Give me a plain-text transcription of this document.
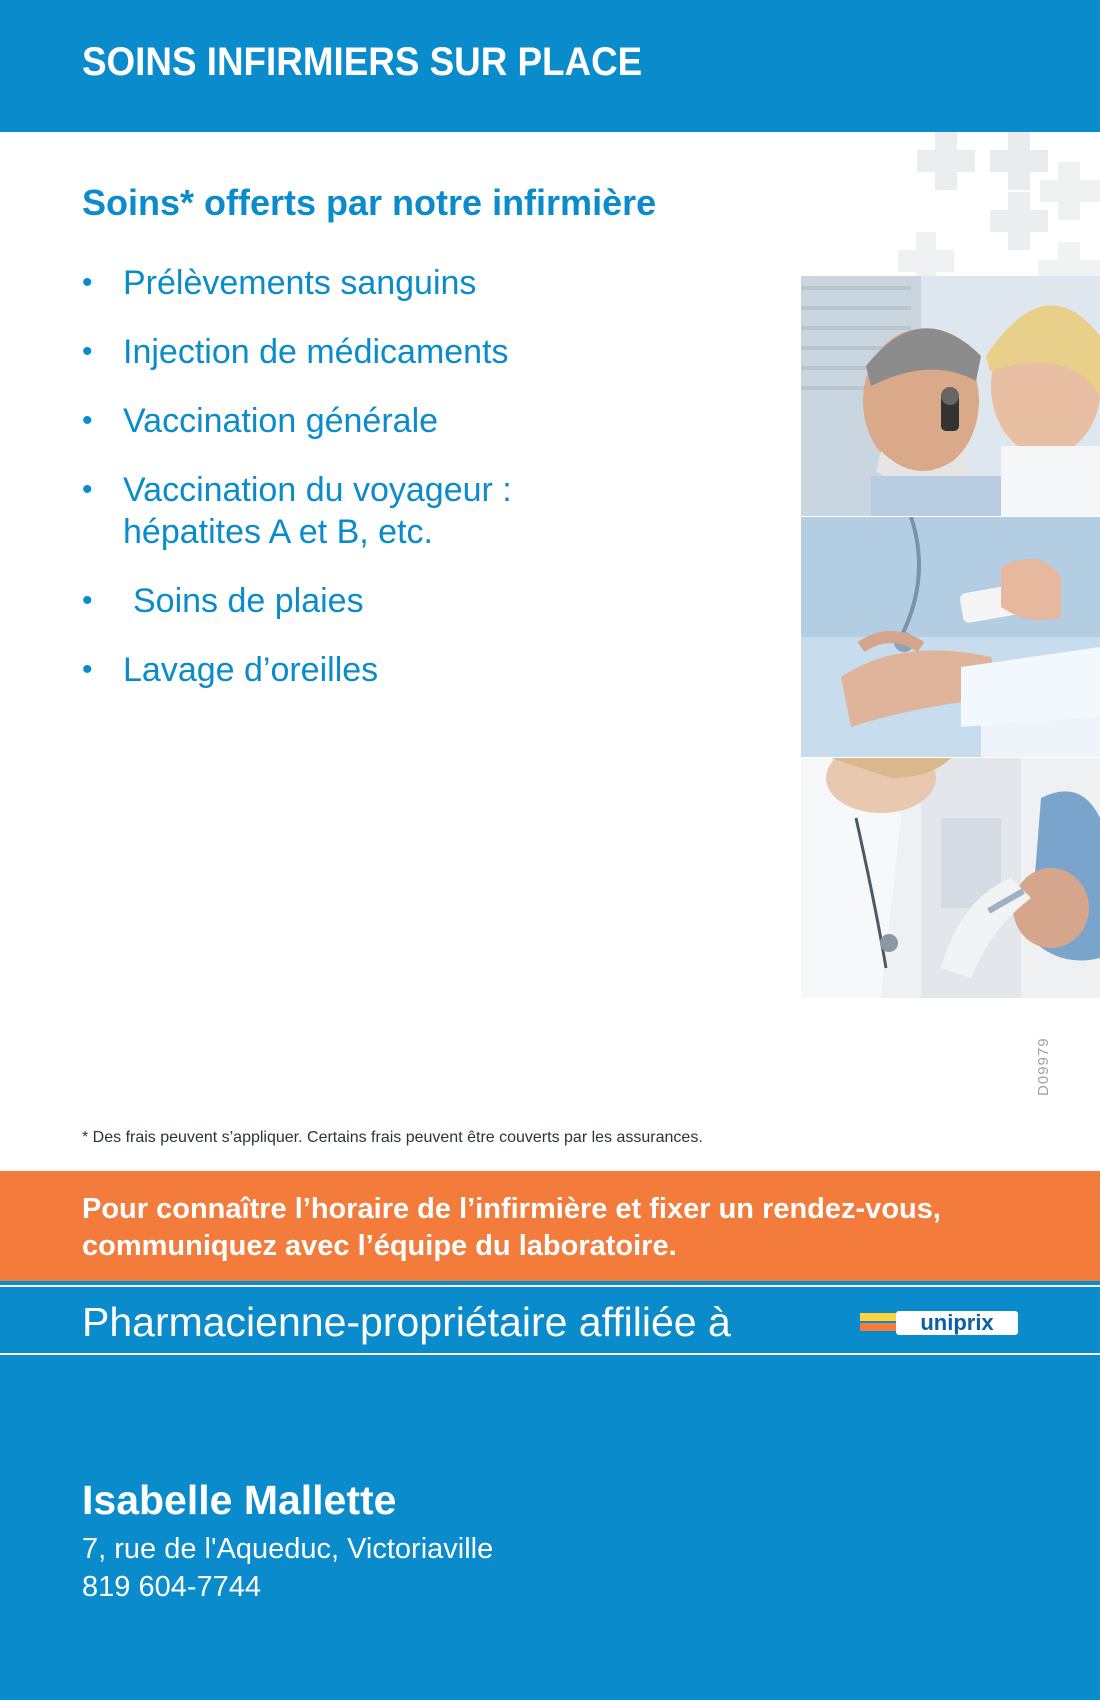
SOINS INFIRMIERS SUR PLACE
Soins* offerts par notre infirmière
• Prélèvements sanguins
• Injection de médicaments
• Vaccination générale
• Vaccination du voyageur :
hépatites A et B, etc.
• Soins de plaies
• Lavage d’oreilles
D09979
* Des frais peuvent s’appliquer. Certains frais peuvent être couverts par les assurances.

Pour connaître l’horaire de l’infirmière et fixer un rendez-vous,
communiquez avec l’équipe du laboratoire.

Pharmacienne-propriétaire affiliée à	uniprix
Isabelle Mallette
7, rue de l'Aqueduc, Victoriaville
819 604-7744
